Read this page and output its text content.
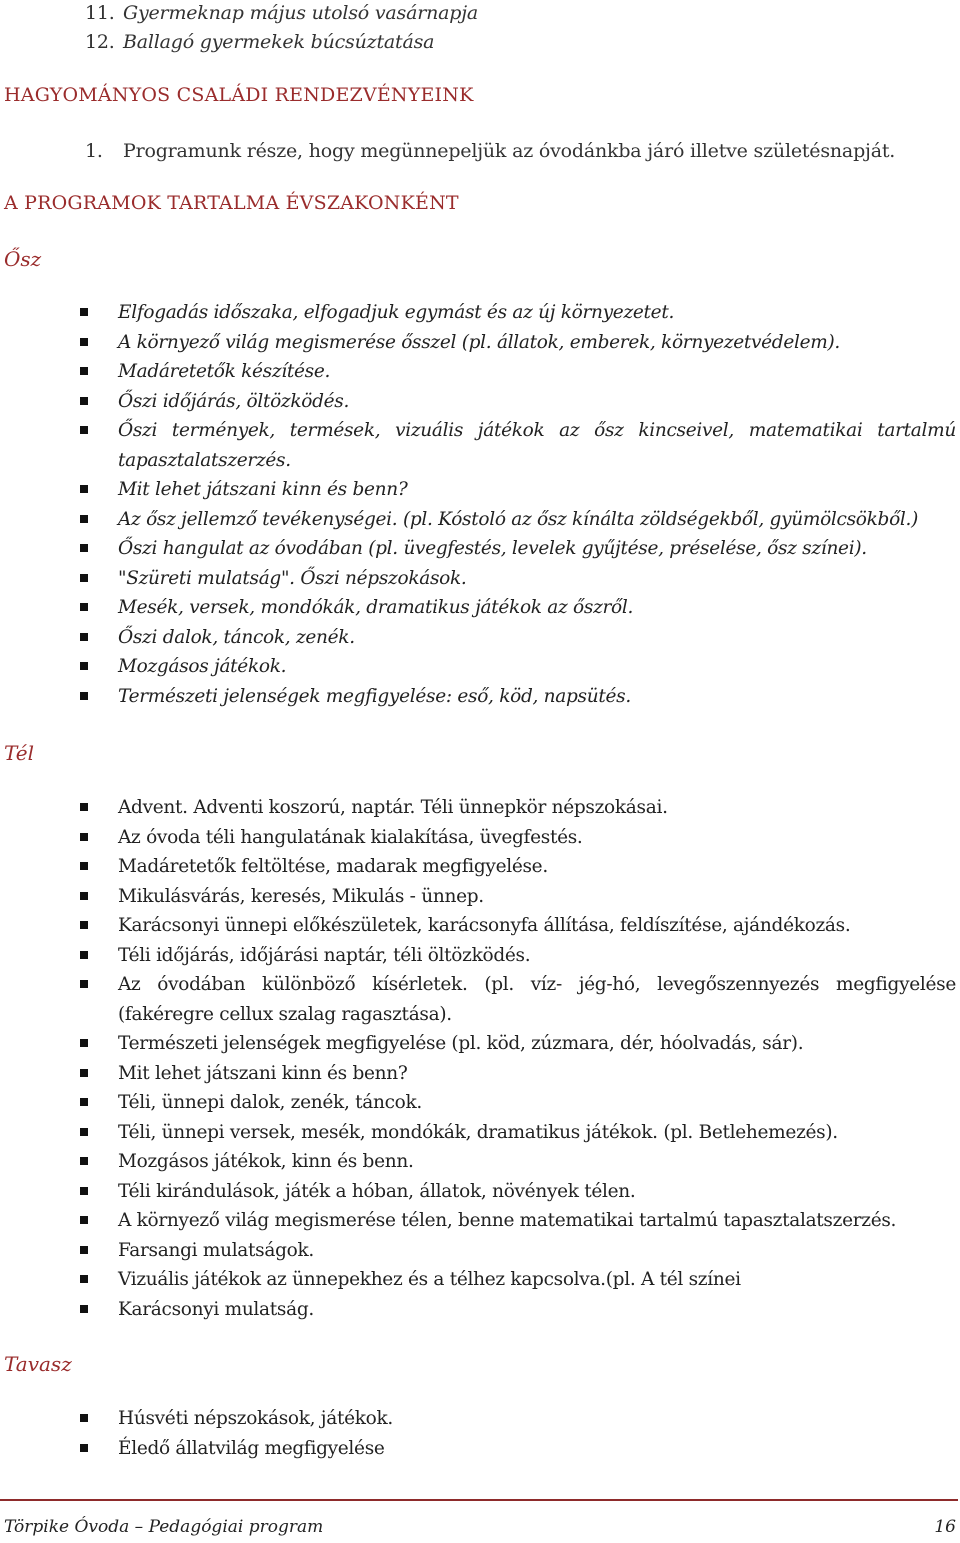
11. Gyermeknap május utolsó vasárnapja
12. Ballagó gyermekek búcsúztatása
HAGYOMÁNYOS CSALÁDI RENDEZVÉNYEINK
1. Programunk része, hogy megünnepeljük az óvodánkba járó illetve születésnapját.
A PROGRAMOK TARTALMA ÉVSZAKONKÉNT
Ősz
Elfogadás időszaka, elfogadjuk egymást és az új környezetet.
A környező világ megismerése ősszel (pl. állatok, emberek, környezetvédelem).
Madáretetők készítése.
Őszi időjárás, öltözködés.
Őszi termények, termések, vizuális játékok az ősz kincseivel, matematikai tartalmú tapasztalatszerzés.
Mit lehet játszani kinn és benn?
Az ősz jellemző tevékenységei. (pl. Kóstoló az ősz kínálta zöldségekből, gyümölcsökből.)
Őszi hangulat az óvodában (pl. üvegfestés, levelek gyűjtése, préselése, ősz színei).
"Szüreti mulatság". Őszi népszokások.
Mesék, versek, mondókák, dramatikus játékok az őszről.
Őszi dalok, táncok, zenék.
Mozgásos játékok.
Természeti jelenségek megfigyelése: eső, köd, napsütés.
Tél
Advent. Adventi koszorú, naptár. Téli ünnepkör népszokásai.
Az óvoda téli hangulatának kialakítása, üvegfestés.
Madáretetők feltöltése, madarak megfigyelése.
Mikulásvárás, keresés, Mikulás - ünnep.
Karácsonyi ünnepi előkészületek, karácsonyfa állítása, feldíszítése, ajándékozás.
Téli időjárás, időjárási naptár, téli öltözködés.
Az óvodában különböző kísérletek. (pl. víz- jég-hó, levegőszennyezés megfigyelése (fakéregre cellux szalag ragasztása).
Természeti jelenségek megfigyelése (pl. köd, zúzmara, dér, hóolvadás, sár).
Mit lehet játszani kinn és benn?
Téli, ünnepi dalok, zenék, táncok.
Téli, ünnepi versek, mesék, mondókák, dramatikus játékok. (pl. Betlehemezés).
Mozgásos játékok, kinn és benn.
Téli kirándulások, játék a hóban, állatok, növények télen.
A környező világ megismerése télen, benne matematikai tartalmú tapasztalatszerzés.
Farsangi mulatságok.
Vizuális játékok az ünnepekhez és a télhez kapcsolva.(pl. A tél színei
Karácsonyi mulatság.
Tavasz
Húsvéti népszokások, játékok.
Éledő állatvilág megfigyelése
Törpike Óvoda – Pedagógiai program	16
